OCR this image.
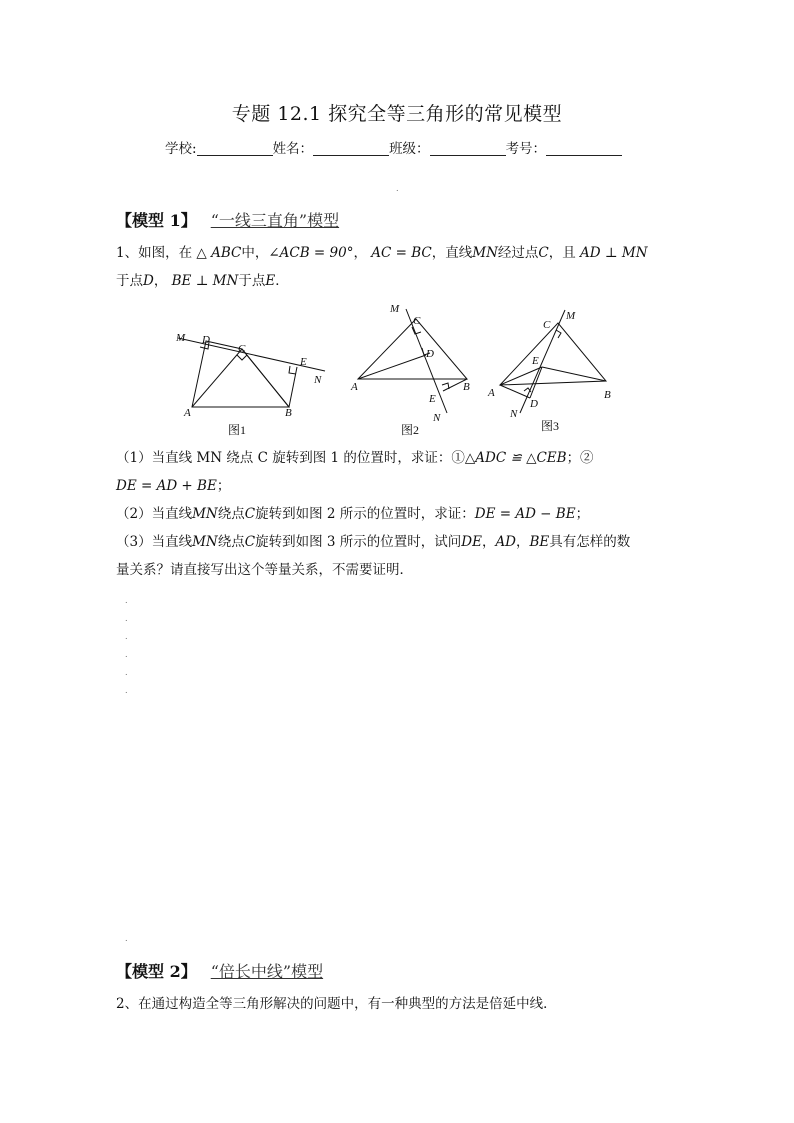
专题 12.1 探究全等三角形的常见模型
学校:	姓名：	班级：	考号：
.
【模型 1】 “一线三直角”模型
1、如图，在 △ ABC中，∠ACB = 90°， AC = BC，直线MN经过点C，且 AD ⊥ MN
于点D， BE ⊥ MN于点E．
M D
C
E
N
A	B
M
C
D
A	B
E
N
C
M
E
A	B
N
D
图1	图2	图3
（1）当直线 MN 绕点 C 旋转到图 1 的位置时，求证：①△ADC ≌ △CEB；②
DE = AD + BE；
（2）当直线MN绕点C旋转到如图 2 所示的位置时，求证：DE = AD − BE；
（3）当直线MN绕点C旋转到如图 3 所示的位置时，试问DE，AD，BE具有怎样的数
量关系？请直接写出这个等量关系，不需要证明．
.
.
.
.
.
.
.
【模型 2】 “倍长中线”模型
2、在通过构造全等三角形解决的问题中，有一种典型的方法是倍延中线．
